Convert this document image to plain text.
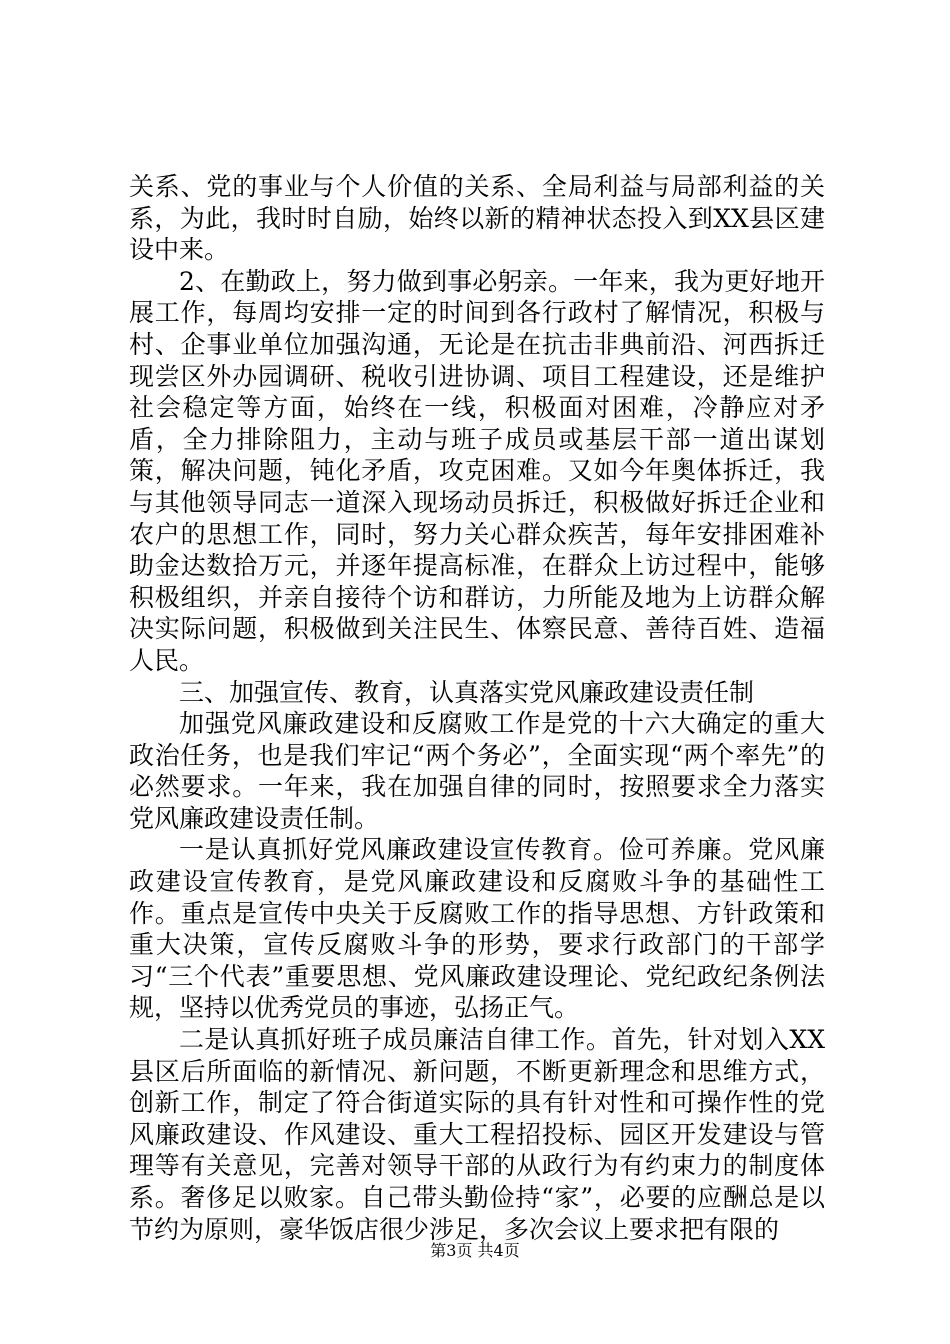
关系、党的事业与个人价值的关系、全局利益与局部利益的关系，为此，我时时自励，始终以新的精神状态投入到XX县区建设中来。

2、在勤政上，努力做到事必躬亲。一年来，我为更好地开展工作，每周均安排一定的时间到各行政村了解情况，积极与村、企事业单位加强沟通，无论是在抗击非典前沿、河西拆迁现尝区外办园调研、税收引进协调、项目工程建设，还是维护社会稳定等方面，始终在一线，积极面对困难，冷静应对矛盾，全力排除阻力，主动与班子成员或基层干部一道出谋划策，解决问题，钝化矛盾，攻克困难。又如今年奥体拆迁，我与其他领导同志一道深入现场动员拆迁，积极做好拆迁企业和农户的思想工作，同时，努力关心群众疾苦，每年安排困难补助金达数拾万元，并逐年提高标准，在群众上访过程中，能够积极组织，并亲自接待个访和群访，力所能及地为上访群众解决实际问题，积极做到关注民生、体察民意、善待百姓、造福人民。

三、加强宣传、教育，认真落实党风廉政建设责任制

加强党风廉政建设和反腐败工作是党的十六大确定的重大政治任务，也是我们牢记“两个务必”，全面实现“两个率先”的必然要求。一年来，我在加强自律的同时，按照要求全力落实党风廉政建设责任制。

一是认真抓好党风廉政建设宣传教育。俭可养廉。党风廉政建设宣传教育，是党风廉政建设和反腐败斗争的基础性工作。重点是宣传中央关于反腐败工作的指导思想、方针政策和重大决策，宣传反腐败斗争的形势，要求行政部门的干部学习“三个代表”重要思想、党风廉政建设理论、党纪政纪条例法规，坚持以优秀党员的事迹，弘扬正气。

二是认真抓好班子成员廉洁自律工作。首先，针对划入XX县区后所面临的新情况、新问题，不断更新理念和思维方式，创新工作，制定了符合街道实际的具有针对性和可操作性的党风廉政建设、作风建设、重大工程招投标、园区开发建设与管理等有关意见，完善对领导干部的从政行为有约束力的制度体系。奢侈足以败家。自己带头勤俭持“家”，必要的应酬总是以节约为原则，豪华饭店很少涉足，多次会议上要求把有限的

第3页 共4页
